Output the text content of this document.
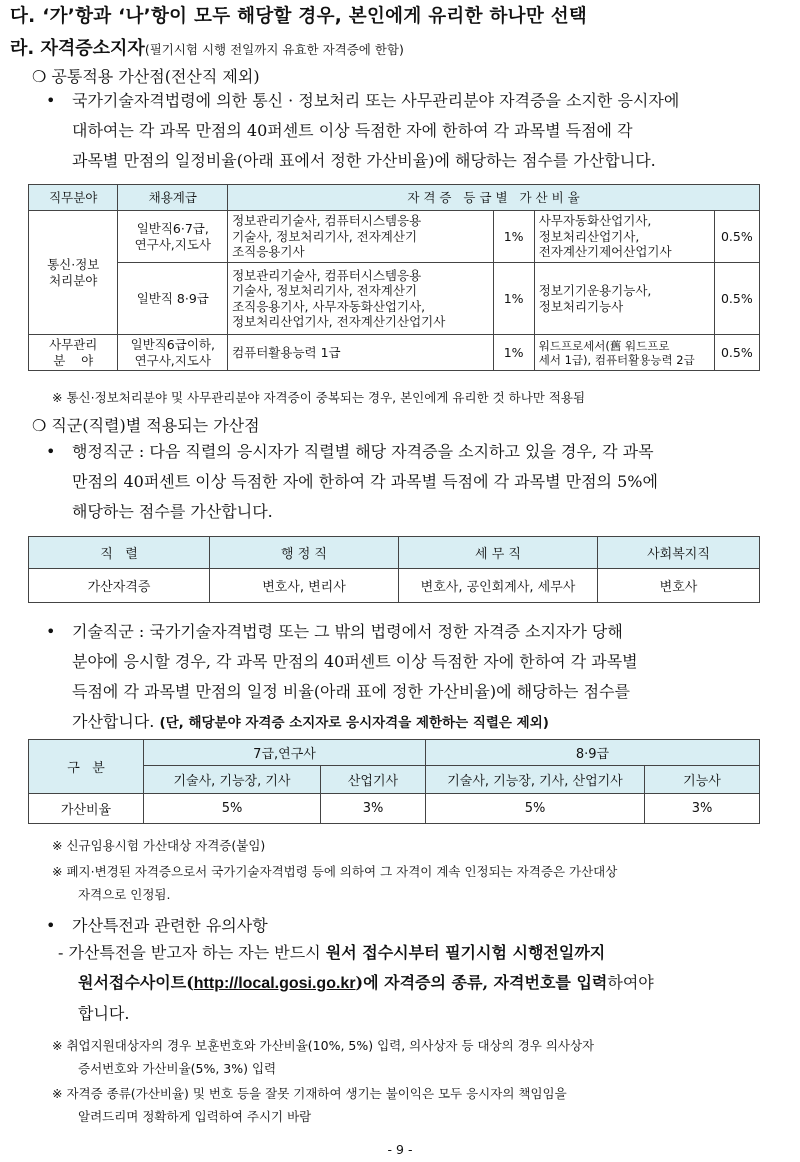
다. ‘가’항과 ‘나’항이 모두 해당할 경우, 본인에게 유리한 하나만 선택
라. 자격증소지자(필기시험 시행 전일까지 유효한 자격증에 한함)
❍ 공통적용 가산점(전산직 제외)
• 국가기술자격법령에 의한 통신 · 정보처리 또는 사무관리분야 자격증을 소지한 응시자에
대하여는 각 과목 만점의 40퍼센트 이상 득점한 자에 한하여 각 과목별 득점에 각
과목별 만점의 일정비율(아래 표에서 정한 가산비율)에 해당하는 점수를 가산합니다.
직무분야	채용계급	자 격 증   등 급 별   가 산 비 율			
통신·정보
처리분야	일반직6·7급,
연구사,지도사	정보관리기술사, 컴퓨터시스템응용
기술사, 정보처리기사, 전자계산기
조직응용기사	1%	사무자동화산업기사,
정보처리산업기사,
전자계산기제어산업기사	0.5%
	일반직 8·9급	정보관리기술사, 컴퓨터시스템응용
기술사, 정보처리기사, 전자계산기
조직응용기사, 사무자동화산업기사,
정보처리산업기사, 전자계산기산업기사	1%	정보기기운용기능사,
정보처리기능사	0.5%
사무관리
분    야	일반직6급이하,
연구사,지도사	컴퓨터활용능력 1급	1%	워드프로세서(舊 워드프로
세서 1급), 컴퓨터활용능력 2급	0.5%
※ 통신·정보처리분야 및 사무관리분야 자격증이 중복되는 경우, 본인에게 유리한 것 하나만 적용됨
❍ 직군(직렬)별 적용되는 가산점
• 행정직군 : 다음 직렬의 응시자가 직렬별 해당 자격증을 소지하고 있을 경우, 각 과목
만점의 40퍼센트 이상 득점한 자에 한하여 각 과목별 득점에 각 과목별 만점의 5%에
해당하는 점수를 가산합니다.
직   렬	행 정 직	세 무 직	사회복지직
가산자격증	변호사, 변리사	변호사, 공인회계사, 세무사	변호사
• 기술직군 : 국가기술자격법령 또는 그 밖의 법령에서 정한 자격증 소지자가 당해
분야에 응시할 경우, 각 과목 만점의 40퍼센트 이상 득점한 자에 한하여 각 과목별
득점에 각 과목별 만점의 일정 비율(아래 표에 정한 가산비율)에 해당하는 점수를
가산합니다. (단, 해당분야 자격증 소지자로 응시자격을 제한하는 직렬은 제외)
구   분	7급,연구사		8·9급	
	기술사, 기능장, 기사	산업기사	기술사, 기능장, 기사, 산업기사	기능사
가산비율	5%	3%	5%	3%
※ 신규임용시험 가산대상 자격증(붙임)
※ 폐지·변경된 자격증으로서 국가기술자격법령 등에 의하여 그 자격이 계속 인정되는 자격증은 가산대상
자격으로 인정됨.
• 가산특전과 관련한 유의사항
- 가산특전을 받고자 하는 자는 반드시 원서 접수시부터 필기시험 시행전일까지
원서접수사이트(http://local.gosi.go.kr)에 자격증의 종류, 자격번호를 입력하여야
합니다.
※ 취업지원대상자의 경우 보훈번호와 가산비율(10%, 5%) 입력, 의사상자 등 대상의 경우 의사상자
증서번호와 가산비율(5%, 3%) 입력
※ 자격증 종류(가산비율) 및 번호 등을 잘못 기재하여 생기는 불이익은 모두 응시자의 책임임을
알려드리며 정확하게 입력하여 주시기 바람
- 9 -
